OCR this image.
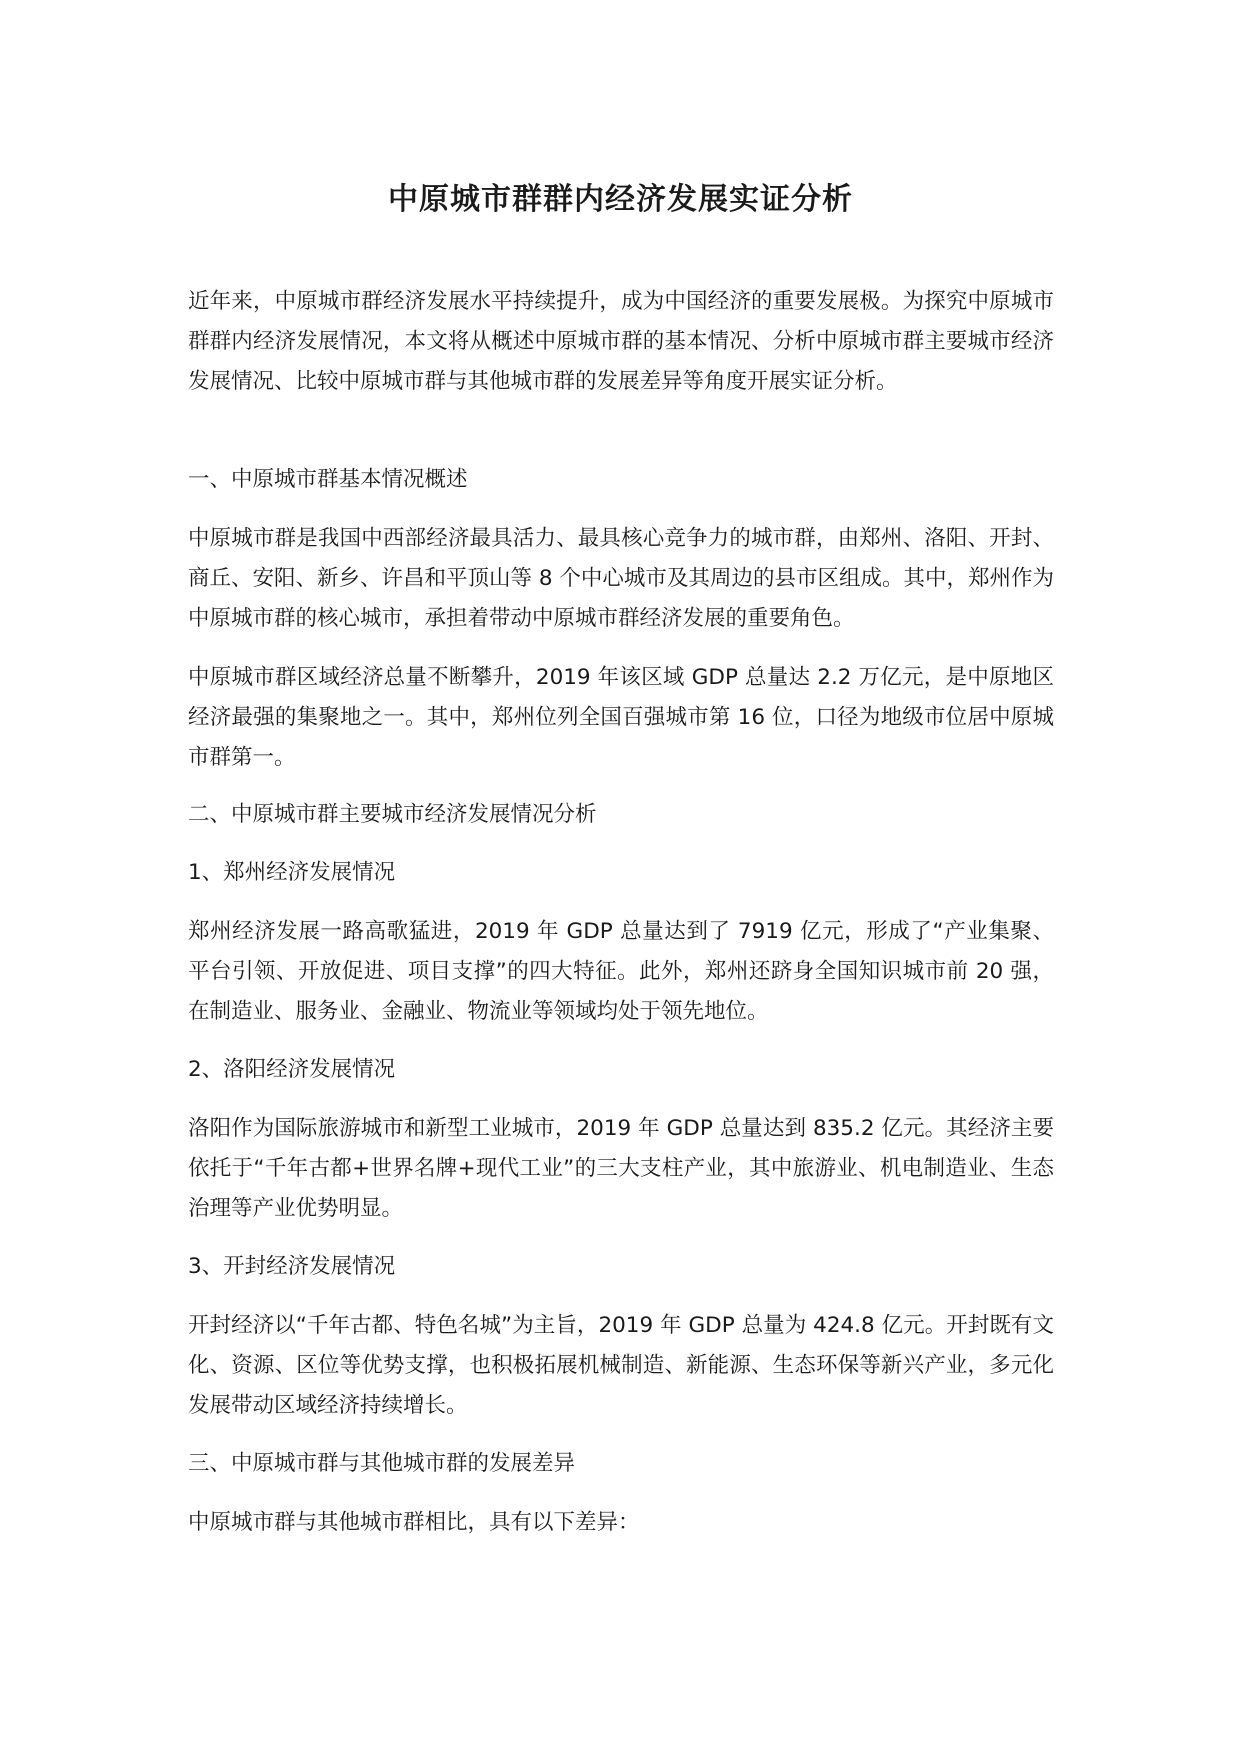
中原城市群群内经济发展实证分析

近年来，中原城市群经济发展水平持续提升，成为中国经济的重要发展极。为探究中原城市群群内经济发展情况，本文将从概述中原城市群的基本情况、分析中原城市群主要城市经济发展情况、比较中原城市群与其他城市群的发展差异等角度开展实证分析。

一、中原城市群基本情况概述

中原城市群是我国中西部经济最具活力、最具核心竞争力的城市群，由郑州、洛阳、开封、商丘、安阳、新乡、许昌和平顶山等 8 个中心城市及其周边的县市区组成。其中，郑州作为中原城市群的核心城市，承担着带动中原城市群经济发展的重要角色。

中原城市群区域经济总量不断攀升，2019 年该区域 GDP 总量达 2.2 万亿元，是中原地区经济最强的集聚地之一。其中，郑州位列全国百强城市第 16 位，口径为地级市位居中原城市群第一。

二、中原城市群主要城市经济发展情况分析

1、郑州经济发展情况

郑州经济发展一路高歌猛进，2019 年 GDP 总量达到了 7919 亿元，形成了“产业集聚、平台引领、开放促进、项目支撑”的四大特征。此外，郑州还跻身全国知识城市前 20 强，在制造业、服务业、金融业、物流业等领域均处于领先地位。

2、洛阳经济发展情况

洛阳作为国际旅游城市和新型工业城市，2019 年 GDP 总量达到 835.2 亿元。其经济主要依托于“千年古都+世界名牌+现代工业”的三大支柱产业，其中旅游业、机电制造业、生态治理等产业优势明显。

3、开封经济发展情况

开封经济以“千年古都、特色名城”为主旨，2019 年 GDP 总量为 424.8 亿元。开封既有文化、资源、区位等优势支撑，也积极拓展机械制造、新能源、生态环保等新兴产业，多元化发展带动区域经济持续增长。

三、中原城市群与其他城市群的发展差异

中原城市群与其他城市群相比，具有以下差异：
